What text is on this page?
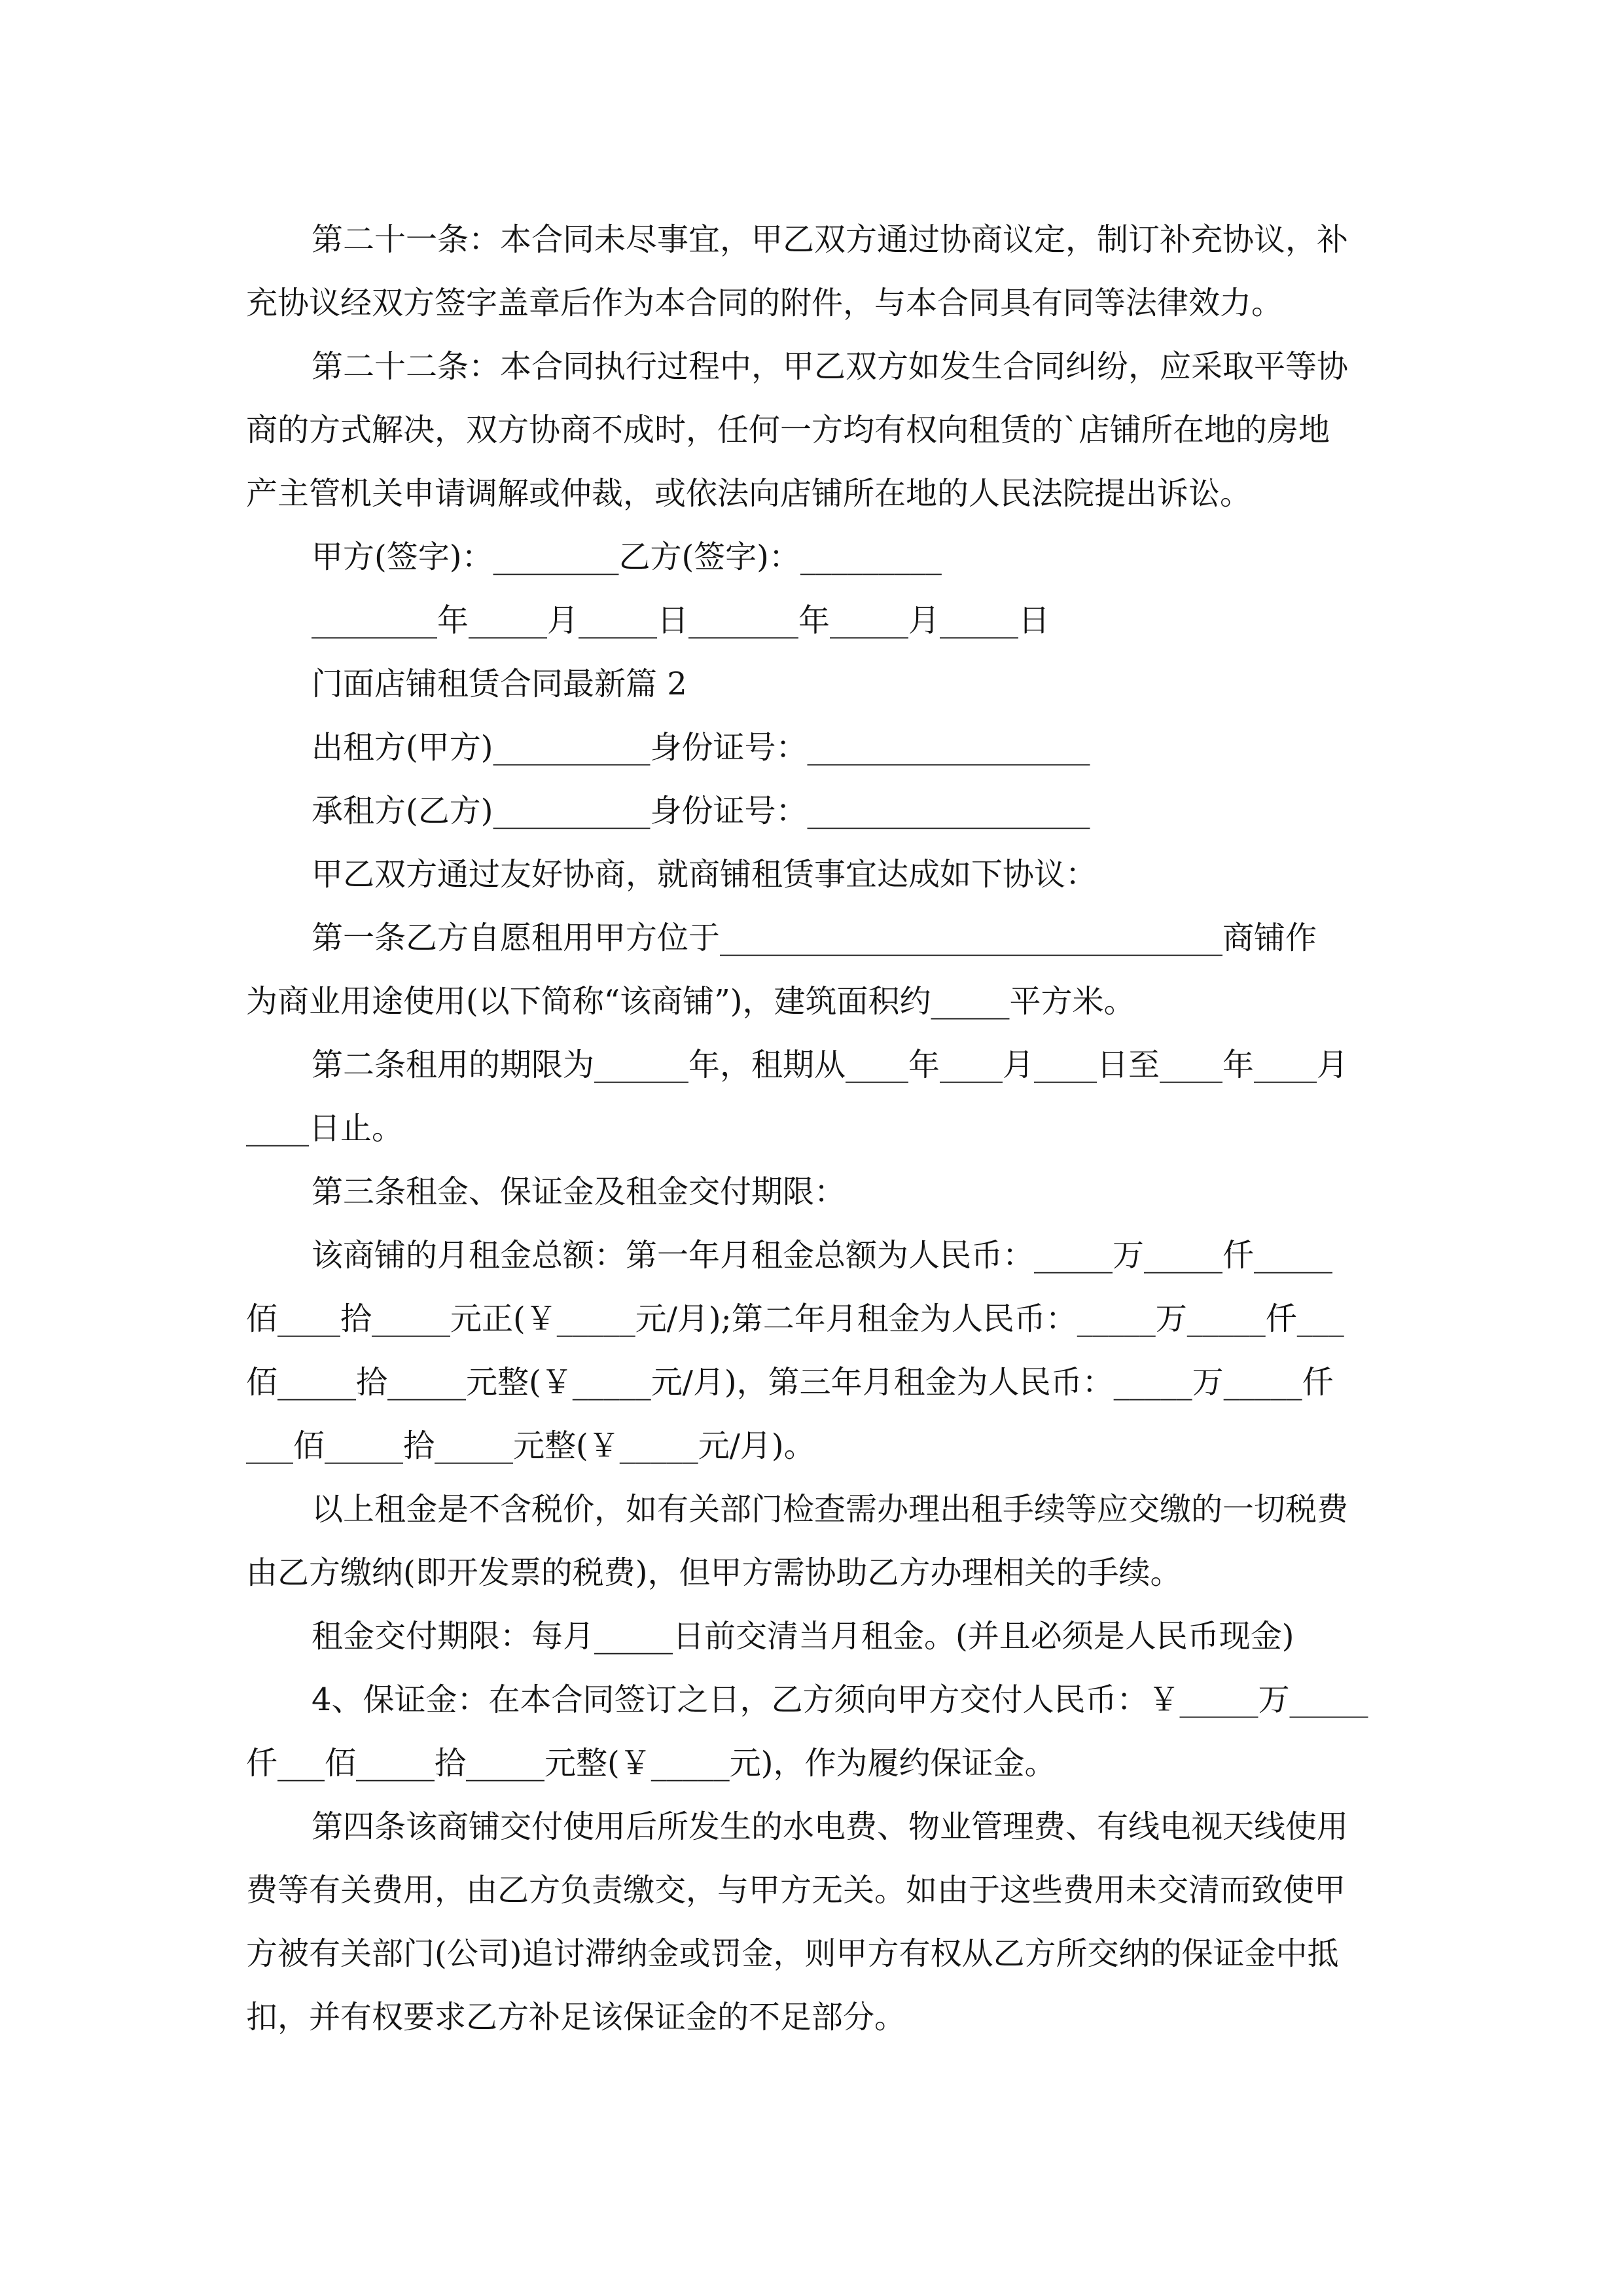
第二十一条：本合同未尽事宜，甲乙双方通过协商议定，制订补充协议，补
充协议经双方签字盖章后作为本合同的附件，与本合同具有同等法律效力。
第二十二条：本合同执行过程中，甲乙双方如发生合同纠纷，应采取平等协
商的方式解决，双方协商不成时，任何一方均有权向租赁的`店铺所在地的房地
产主管机关申请调解或仲裁，或依法向店铺所在地的人民法院提出诉讼。
甲方(签字)：________乙方(签字)：_________
________年_____月_____日_______年_____月_____日
门面店铺租赁合同最新篇 2
出租方(甲方)__________身份证号：__________________
承租方(乙方)__________身份证号：__________________
甲乙双方通过友好协商，就商铺租赁事宜达成如下协议：
第一条乙方自愿租用甲方位于________________________________商铺作
为商业用途使用(以下简称“该商铺”)，建筑面积约_____平方米。
第二条租用的期限为______年，租期从____年____月____日至____年____月
____日止。
第三条租金、保证金及租金交付期限：
该商铺的月租金总额：第一年月租金总额为人民币：_____万_____仟_____
佰____拾_____元正(￥_____元/月);第二年月租金为人民币：_____万_____仟___
佰_____拾_____元整(￥_____元/月)，第三年月租金为人民币：_____万_____仟
___佰_____拾_____元整(￥_____元/月)。
以上租金是不含税价，如有关部门检查需办理出租手续等应交缴的一切税费
由乙方缴纳(即开发票的税费)，但甲方需协助乙方办理相关的手续。
租金交付期限：每月_____日前交清当月租金。(并且必须是人民币现金)
4、保证金：在本合同签订之日，乙方须向甲方交付人民币：￥_____万_____
仟___佰_____拾_____元整(￥_____元)，作为履约保证金。
第四条该商铺交付使用后所发生的水电费、物业管理费、有线电视天线使用
费等有关费用，由乙方负责缴交，与甲方无关。如由于这些费用未交清而致使甲
方被有关部门(公司)追讨滞纳金或罚金，则甲方有权从乙方所交纳的保证金中抵
扣，并有权要求乙方补足该保证金的不足部分。
